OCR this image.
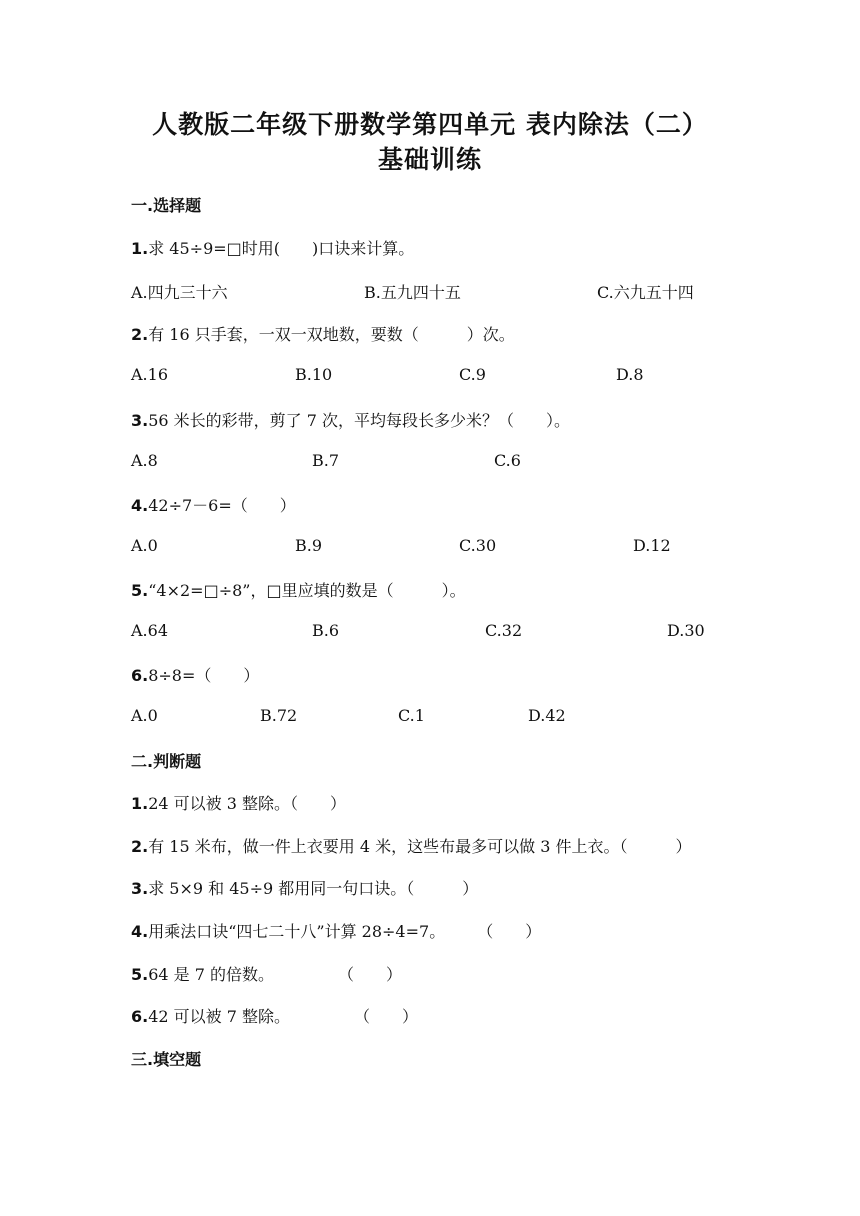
人教版二年级下册数学第四单元 表内除法（二）
基础训练
一.选择题
1.求 45÷9=□时用(　　)口诀来计算。
A.四九三十六	B.五九四十五	C.六九五十四
2.有 16 只手套，一双一双地数，要数（　　　）次。
A.16	B.10	C.9	D.8
3.56 米长的彩带，剪了 7 次，平均每段长多少米？（　　）。
A.8	B.7	C.6
4.42÷7－6=（　　）
A.0	B.9	C.30	D.12
5.“4×2=□÷8”，□里应填的数是（　　　）。
A.64	B.6	C.32	D.30
6.8÷8=（　　）
A.0	B.72	C.1	D.42
二.判断题
1.24 可以被 3 整除。（　　）
2.有 15 米布，做一件上衣要用 4 米，这些布最多可以做 3 件上衣。（　　　）
3.求 5×9 和 45÷9 都用同一句口诀。（　　　）
4.用乘法口诀“四七二十八”计算 28÷4=7。　　　（　　）
5.64 是 7 的倍数。　　　　　（　　）
6.42 可以被 7 整除。　　　　　（　　）
三.填空题
